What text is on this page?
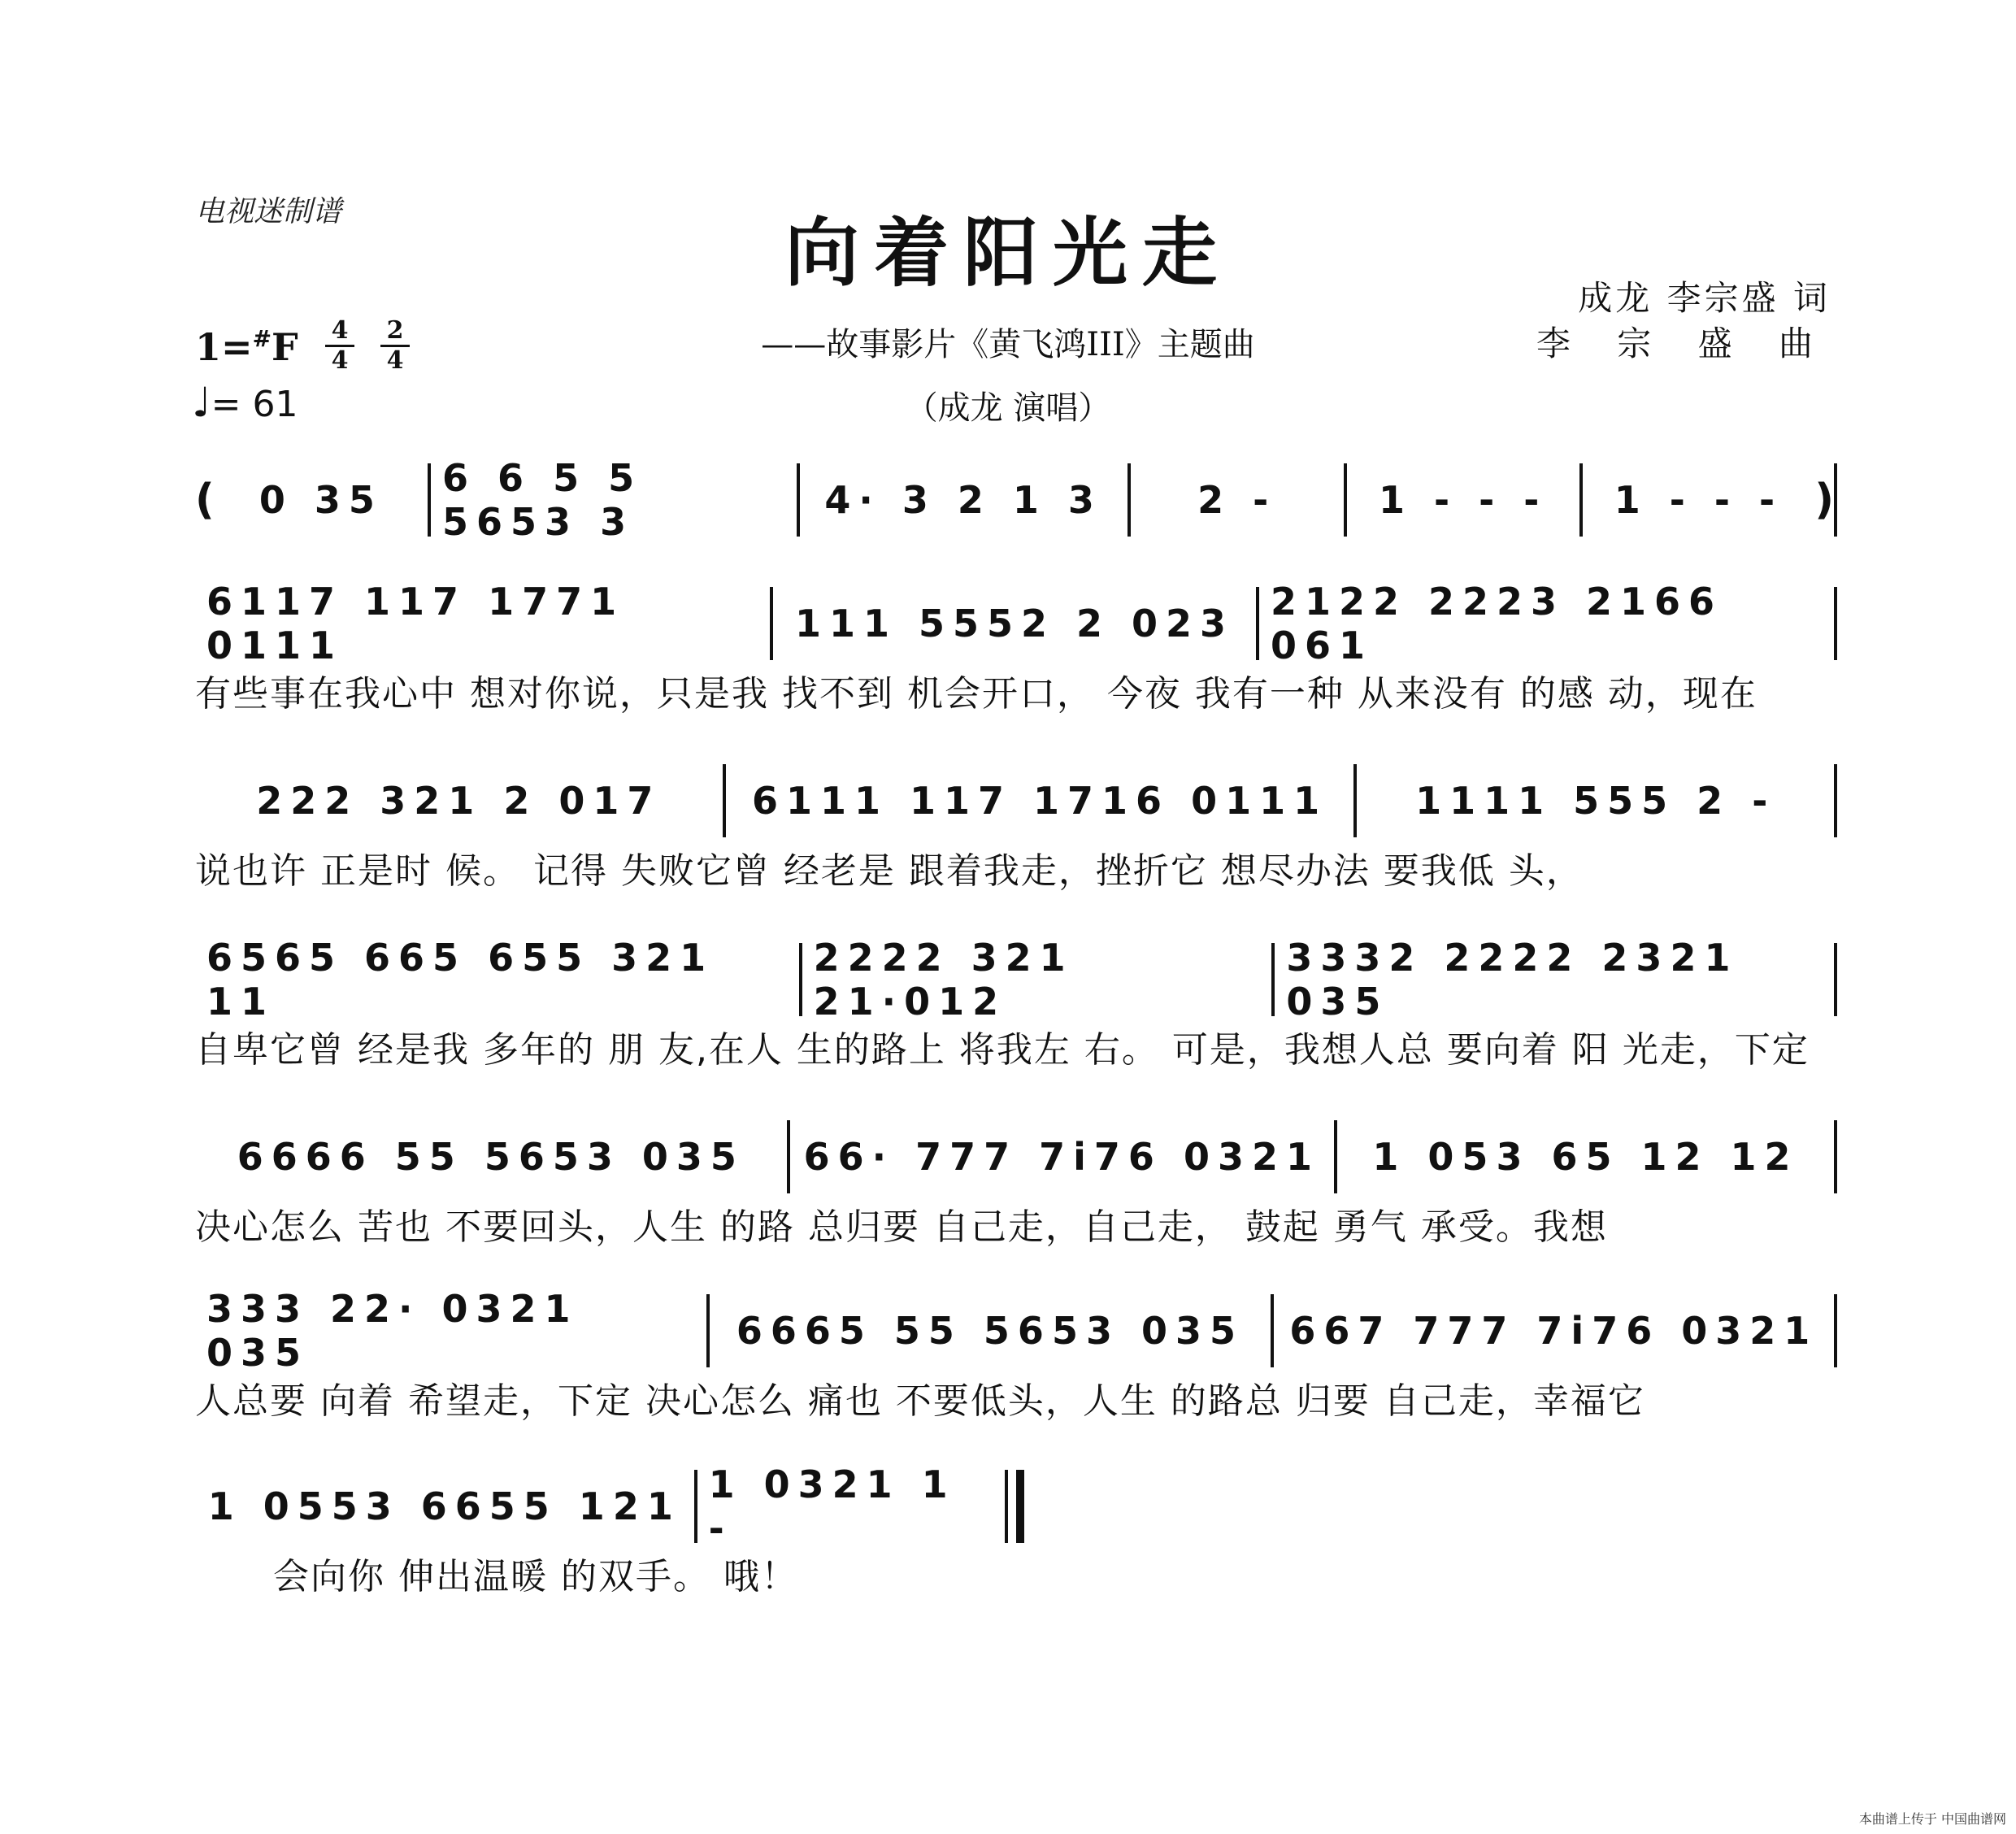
电视迷制谱	向着阳光走
——故事影片《黄飞鸿III》主题曲
（成龙 演唱）
成龙 李宗盛 词
李 宗 盛 曲
1=#F 4
4
2
4
♩= 61
(	0 35	6 6 5 5 5653 3	4· 3 2 1 3	2 -	1 - - -	1 - - - )
6117 117 1771 0111	111 5552 2 023 2122 2223 2166 061
有些事在我心中 想对你说，只是我 找不到 机会开口， 今夜 我有一种 从来没有 的感 动，现在
222 321 2 017	6111 117 1716 0111	1111 555 2 -
说也许 正是时 候。 记得 失败它曾 经老是 跟着我走，挫折它 想尽办法 要我低 头，
6565 665 655 321 11
2222 321 21·012
3332 2222 2321 035
自卑它曾 经是我 多年的 朋 友,在人 生的路上 将我左 右。 可是，我想人总 要向着 阳 光走，下定
6666 55 5653 035	66· 777 7i76 0321	1 053 65 12 12
决心怎么 苦也 不要回头，人生 的路 总归要 自己走，自己走， 鼓起 勇气 承受。我想
333 22· 0321 035	6665 55 5653 035	667 777 7i76 0321
人总要 向着 希望走，下定 决心怎么 痛也 不要低头，人生 的路总 归要 自己走，幸福它
1 0553 6655 121 1 0321 1 -
会向你 伸出温暖 的双手。 哦！
本曲谱上传于 中国曲谱网
